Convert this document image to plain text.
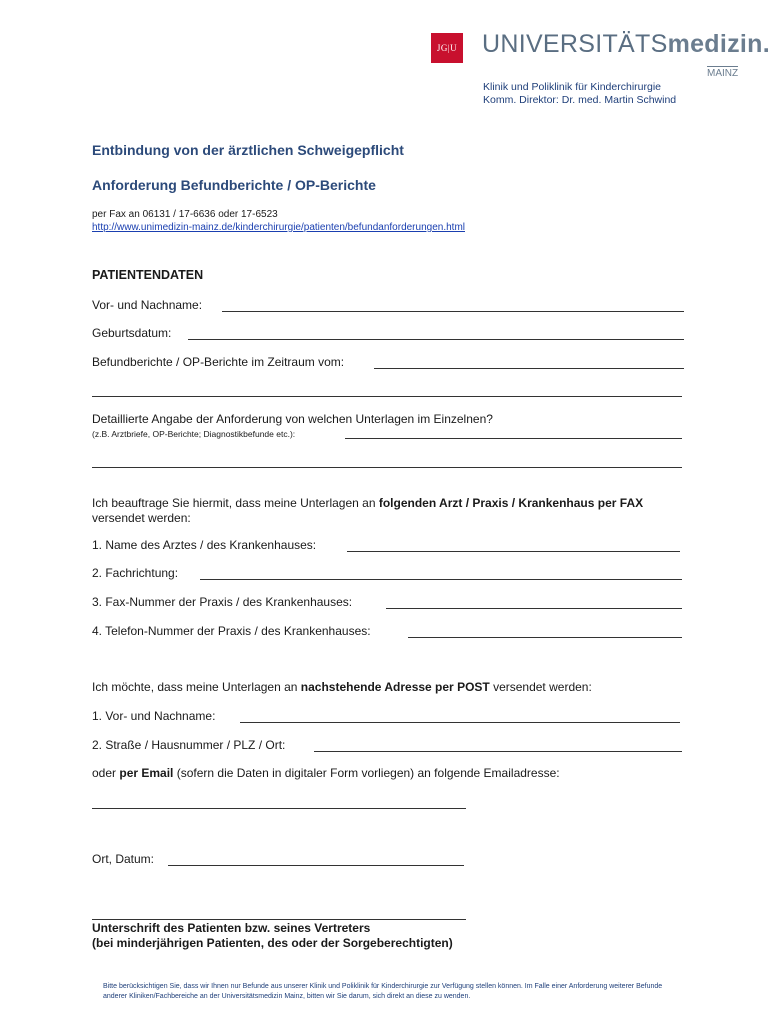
JG|U UNIVERSITÄTSmedizin.
MAINZ
Klinik und Poliklinik für Kinderchirurgie
Komm. Direktor: Dr. med. Martin Schwind
Entbindung von der ärztlichen Schweigepflicht
Anforderung Befundberichte / OP-Berichte
per Fax an 06131 / 17-6636 oder 17-6523
http://www.unimedizin-mainz.de/kinderchirurgie/patienten/befundanforderungen.html
PATIENTENDATEN
Vor- und Nachname:
Geburtsdatum:
Befundberichte / OP-Berichte im Zeitraum vom:
Detaillierte Angabe der Anforderung von welchen Unterlagen im Einzelnen?
(z.B. Arztbriefe, OP-Berichte; Diagnostikbefunde etc.):
Ich beauftrage Sie hiermit, dass meine Unterlagen an folgenden Arzt / Praxis / Krankenhaus per FAX
versendet werden:
1. Name des Arztes / des Krankenhauses:
2. Fachrichtung:
3. Fax-Nummer der Praxis / des Krankenhauses:
4. Telefon-Nummer der Praxis / des Krankenhauses:
Ich möchte, dass meine Unterlagen an nachstehende Adresse per POST versendet werden:
1. Vor- und Nachname:
2. Straße / Hausnummer / PLZ / Ort:
oder per Email (sofern die Daten in digitaler Form vorliegen) an folgende Emailadresse:
Ort, Datum:
Unterschrift des Patienten bzw. seines Vertreters
(bei minderjährigen Patienten, des oder der Sorgeberechtigten)
Bitte berücksichtigen Sie, dass wir Ihnen nur Befunde aus unserer Klinik und Poliklinik für Kinderchirurgie zur Verfügung stellen können. Im Falle einer Anforderung weiterer Befunde anderer Kliniken/Fachbereiche an der Universitätsmedizin Mainz, bitten wir Sie darum, sich direkt an diese zu wenden.
